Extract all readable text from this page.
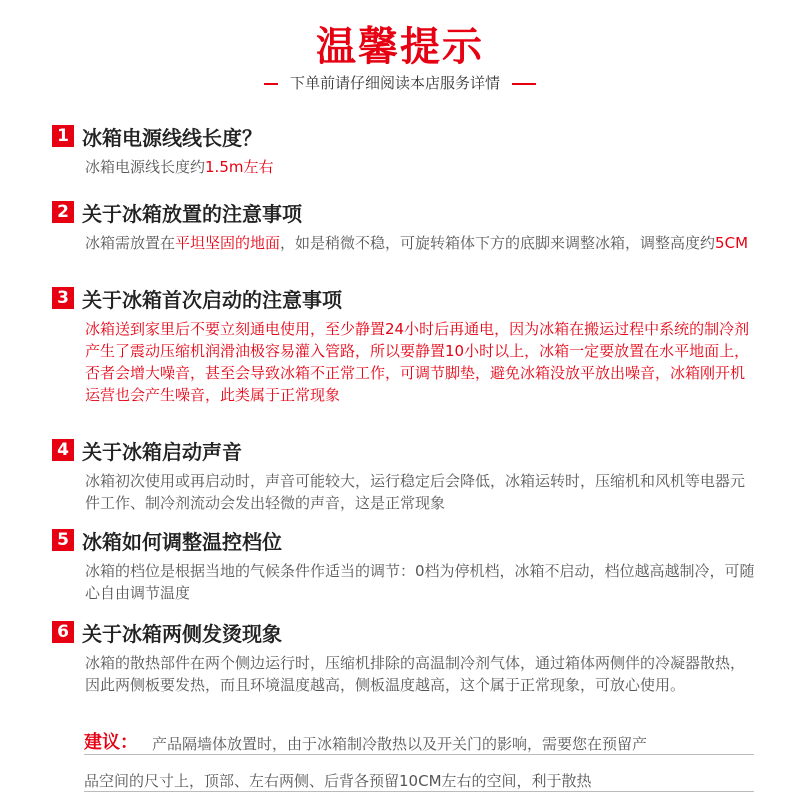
温馨提示
下单前请仔细阅读本店服务详情
1 冰箱电源线线长度？
冰箱电源线长度约1.5m左右
2 关于冰箱放置的注意事项
冰箱需放置在平坦坚固的地面，如是稍微不稳，可旋转箱体下方的底脚来调整冰箱，调整高度约5CM
3 关于冰箱首次启动的注意事项
冰箱送到家里后不要立刻通电使用，至少静置24小时后再通电，因为冰箱在搬运过程中系统的制冷剂产生了震动压缩机润滑油极容易灌入管路，所以要静置10小时以上，冰箱一定要放置在水平地面上，否者会增大噪音，甚至会导致冰箱不正常工作，可调节脚垫，避免冰箱没放平放出噪音，冰箱刚开机运营也会产生噪音，此类属于正常现象
4 关于冰箱启动声音
冰箱初次使用或再启动时，声音可能较大，运行稳定后会降低，冰箱运转时，压缩机和风机等电器元件工作、制冷剂流动会发出轻微的声音，这是正常现象
5 冰箱如何调整温控档位
冰箱的档位是根据当地的气候条件作适当的调节：0档为停机档，冰箱不启动，档位越高越制冷，可随心自由调节温度
6 关于冰箱两侧发烫现象
冰箱的散热部件在两个侧边运行时，压缩机排除的高温制冷剂气体，通过箱体两侧伴的冷凝器散热，因此两侧板要发热，而且环境温度越高，侧板温度越高，这个属于正常现象，可放心使用。
建议： 产品隔墙体放置时，由于冰箱制冷散热以及开关门的影响，需要您在预留产
品空间的尺寸上，顶部、左右两侧、后背各预留10CM左右的空间，利于散热
